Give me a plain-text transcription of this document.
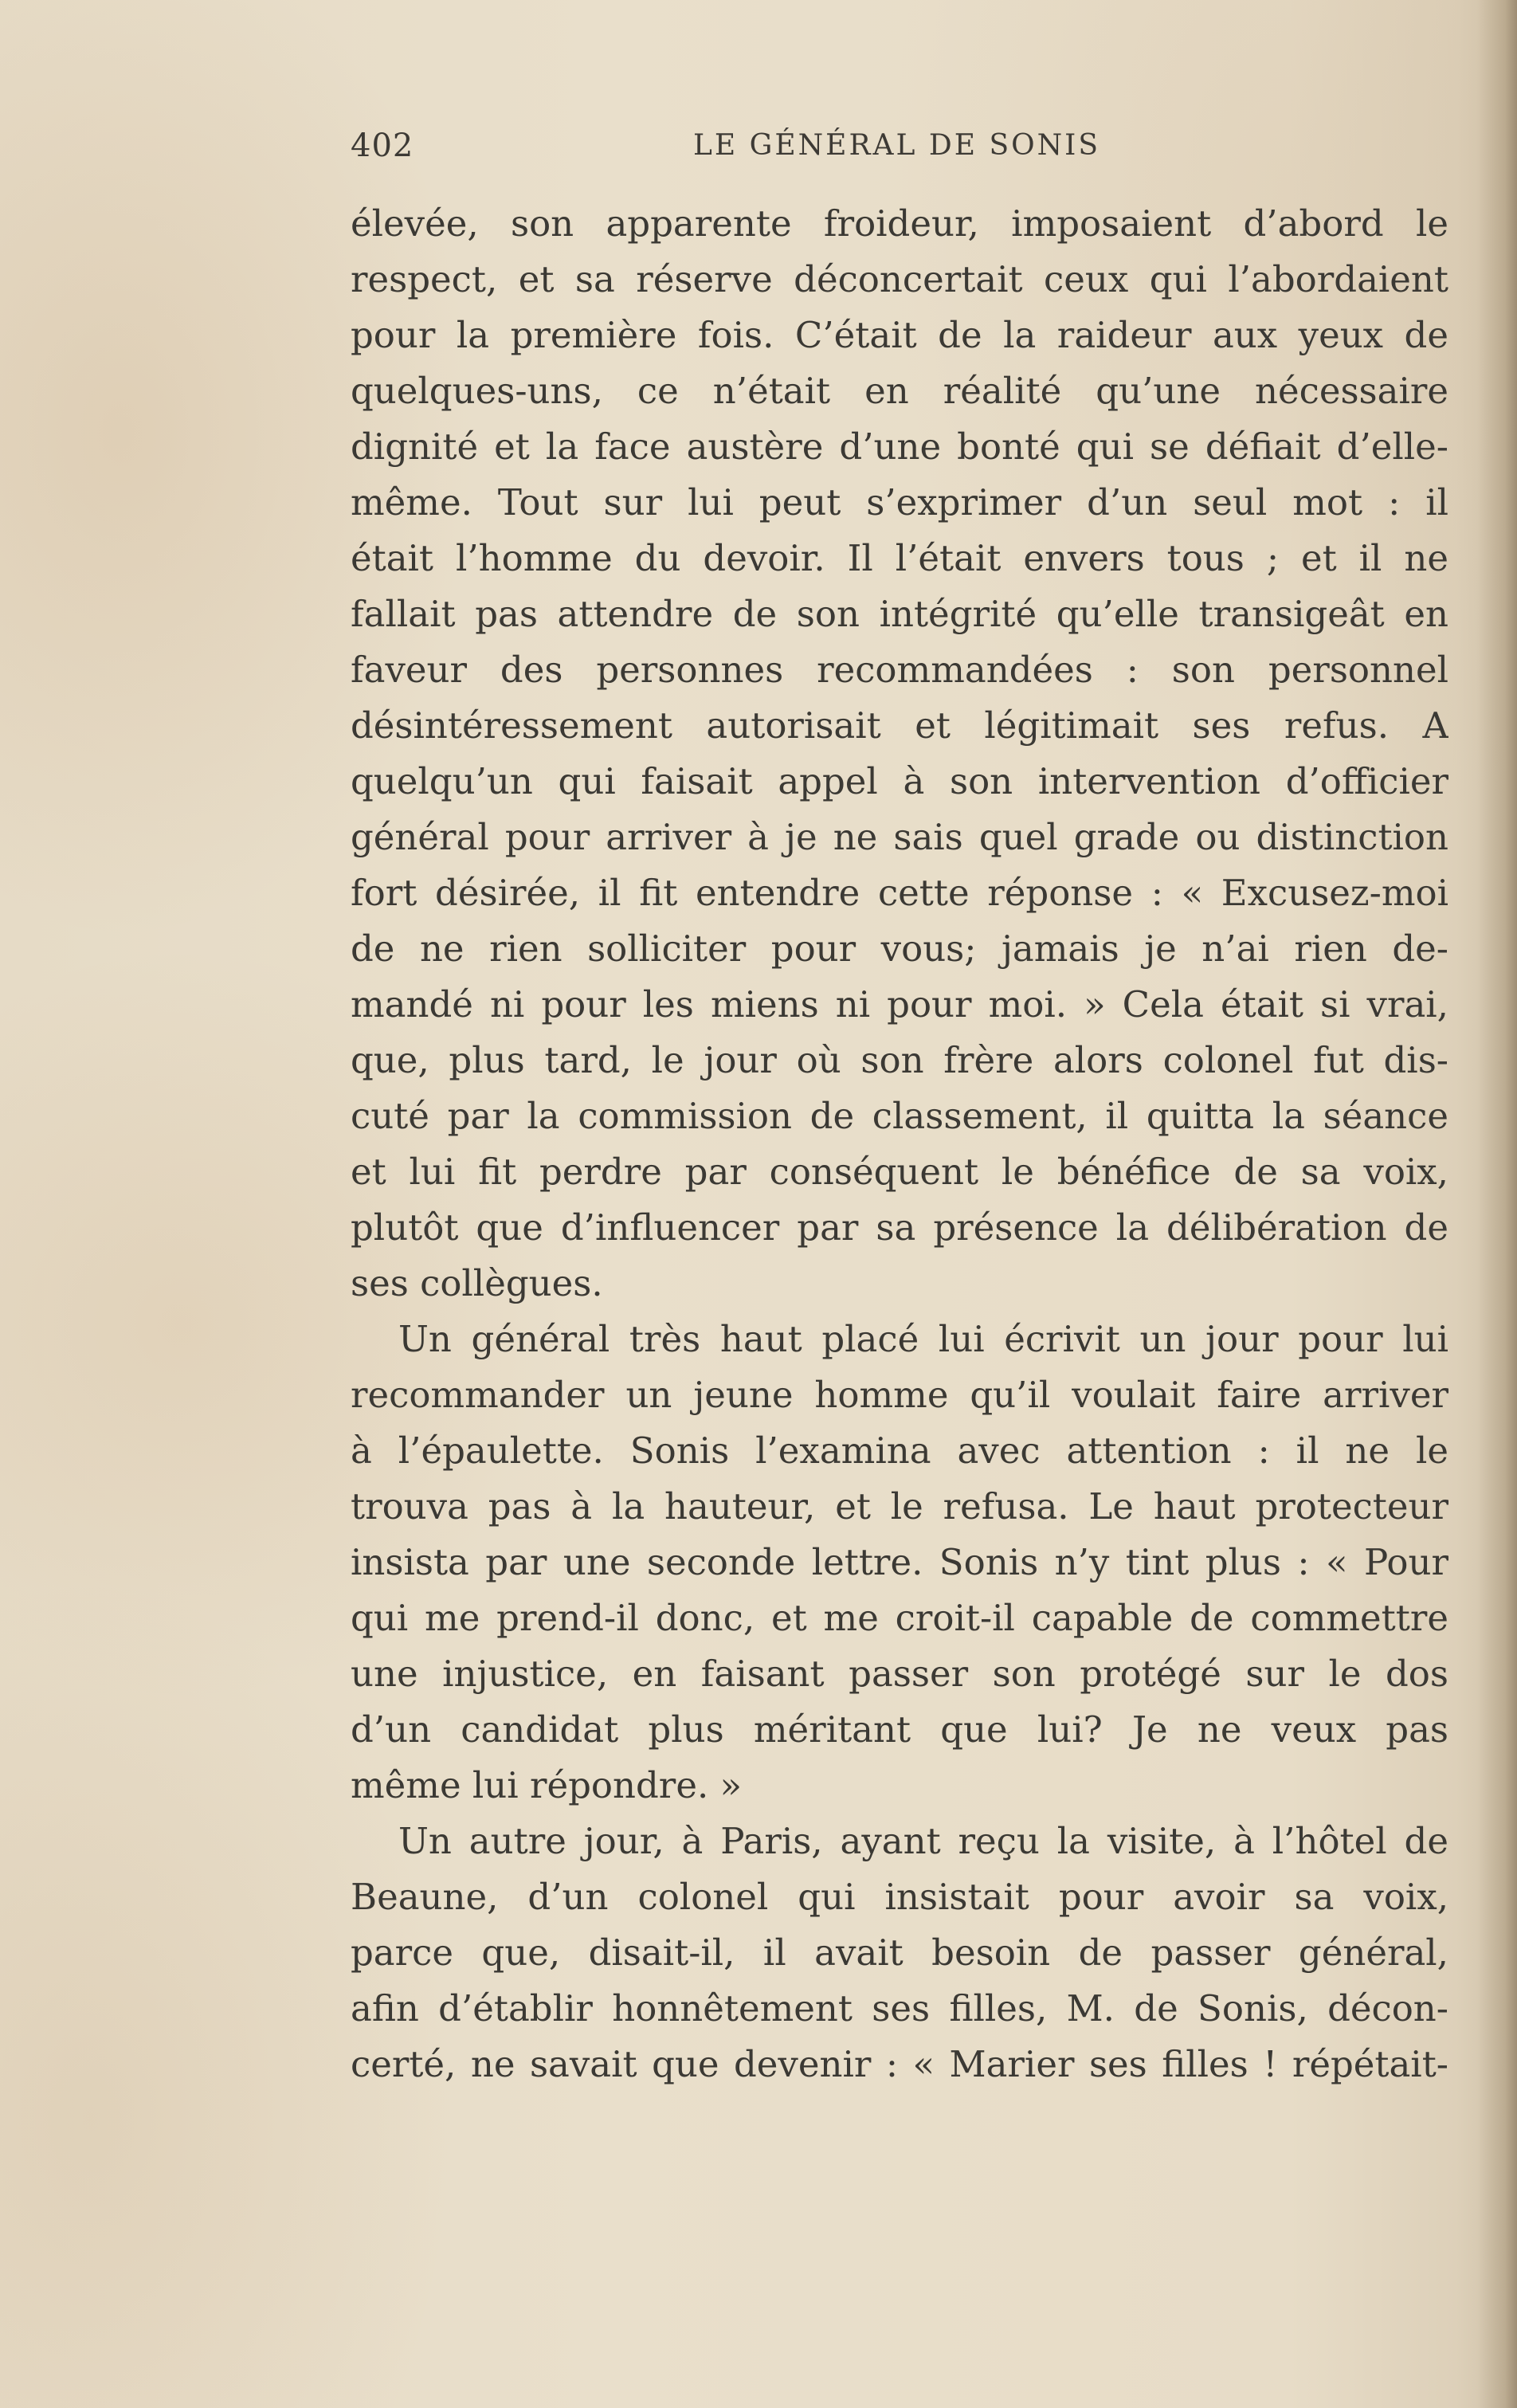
402	LE GÉNÉRAL DE SONIS
élevée, son apparente froideur, imposaient d’abord le
respect, et sa réserve déconcertait ceux qui l’abordaient
pour la première fois. C’était de la raideur aux yeux de
quelques-uns, ce n’était en réalité qu’une nécessaire
dignité et la face austère d’une bonté qui se défiait d’elle-
même. Tout sur lui peut s’exprimer d’un seul mot : il
était l’homme du devoir. Il l’était envers tous ; et il ne
fallait pas attendre de son intégrité qu’elle transigeât en
faveur des personnes recommandées : son personnel
désintéressement autorisait et légitimait ses refus. A
quelqu’un qui faisait appel à son intervention d’officier
général pour arriver à je ne sais quel grade ou distinction
fort désirée, il fit entendre cette réponse : « Excusez-moi
de ne rien solliciter pour vous; jamais je n’ai rien de-
mandé ni pour les miens ni pour moi. » Cela était si vrai,
que, plus tard, le jour où son frère alors colonel fut dis-
cuté par la commission de classement, il quitta la séance
et lui fit perdre par conséquent le bénéfice de sa voix,
plutôt que d’influencer par sa présence la délibération de
ses collègues.
Un général très haut placé lui écrivit un jour pour lui
recommander un jeune homme qu’il voulait faire arriver
à l’épaulette. Sonis l’examina avec attention : il ne le
trouva pas à la hauteur, et le refusa. Le haut protecteur
insista par une seconde lettre. Sonis n’y tint plus : « Pour
qui me prend-il donc, et me croit-il capable de commettre
une injustice, en faisant passer son protégé sur le dos
d’un candidat plus méritant que lui? Je ne veux pas
même lui répondre. »
Un autre jour, à Paris, ayant reçu la visite, à l’hôtel de
Beaune, d’un colonel qui insistait pour avoir sa voix,
parce que, disait-il, il avait besoin de passer général,
afin d’établir honnêtement ses filles, M. de Sonis, décon-
certé, ne savait que devenir : « Marier ses filles ! répétait-
